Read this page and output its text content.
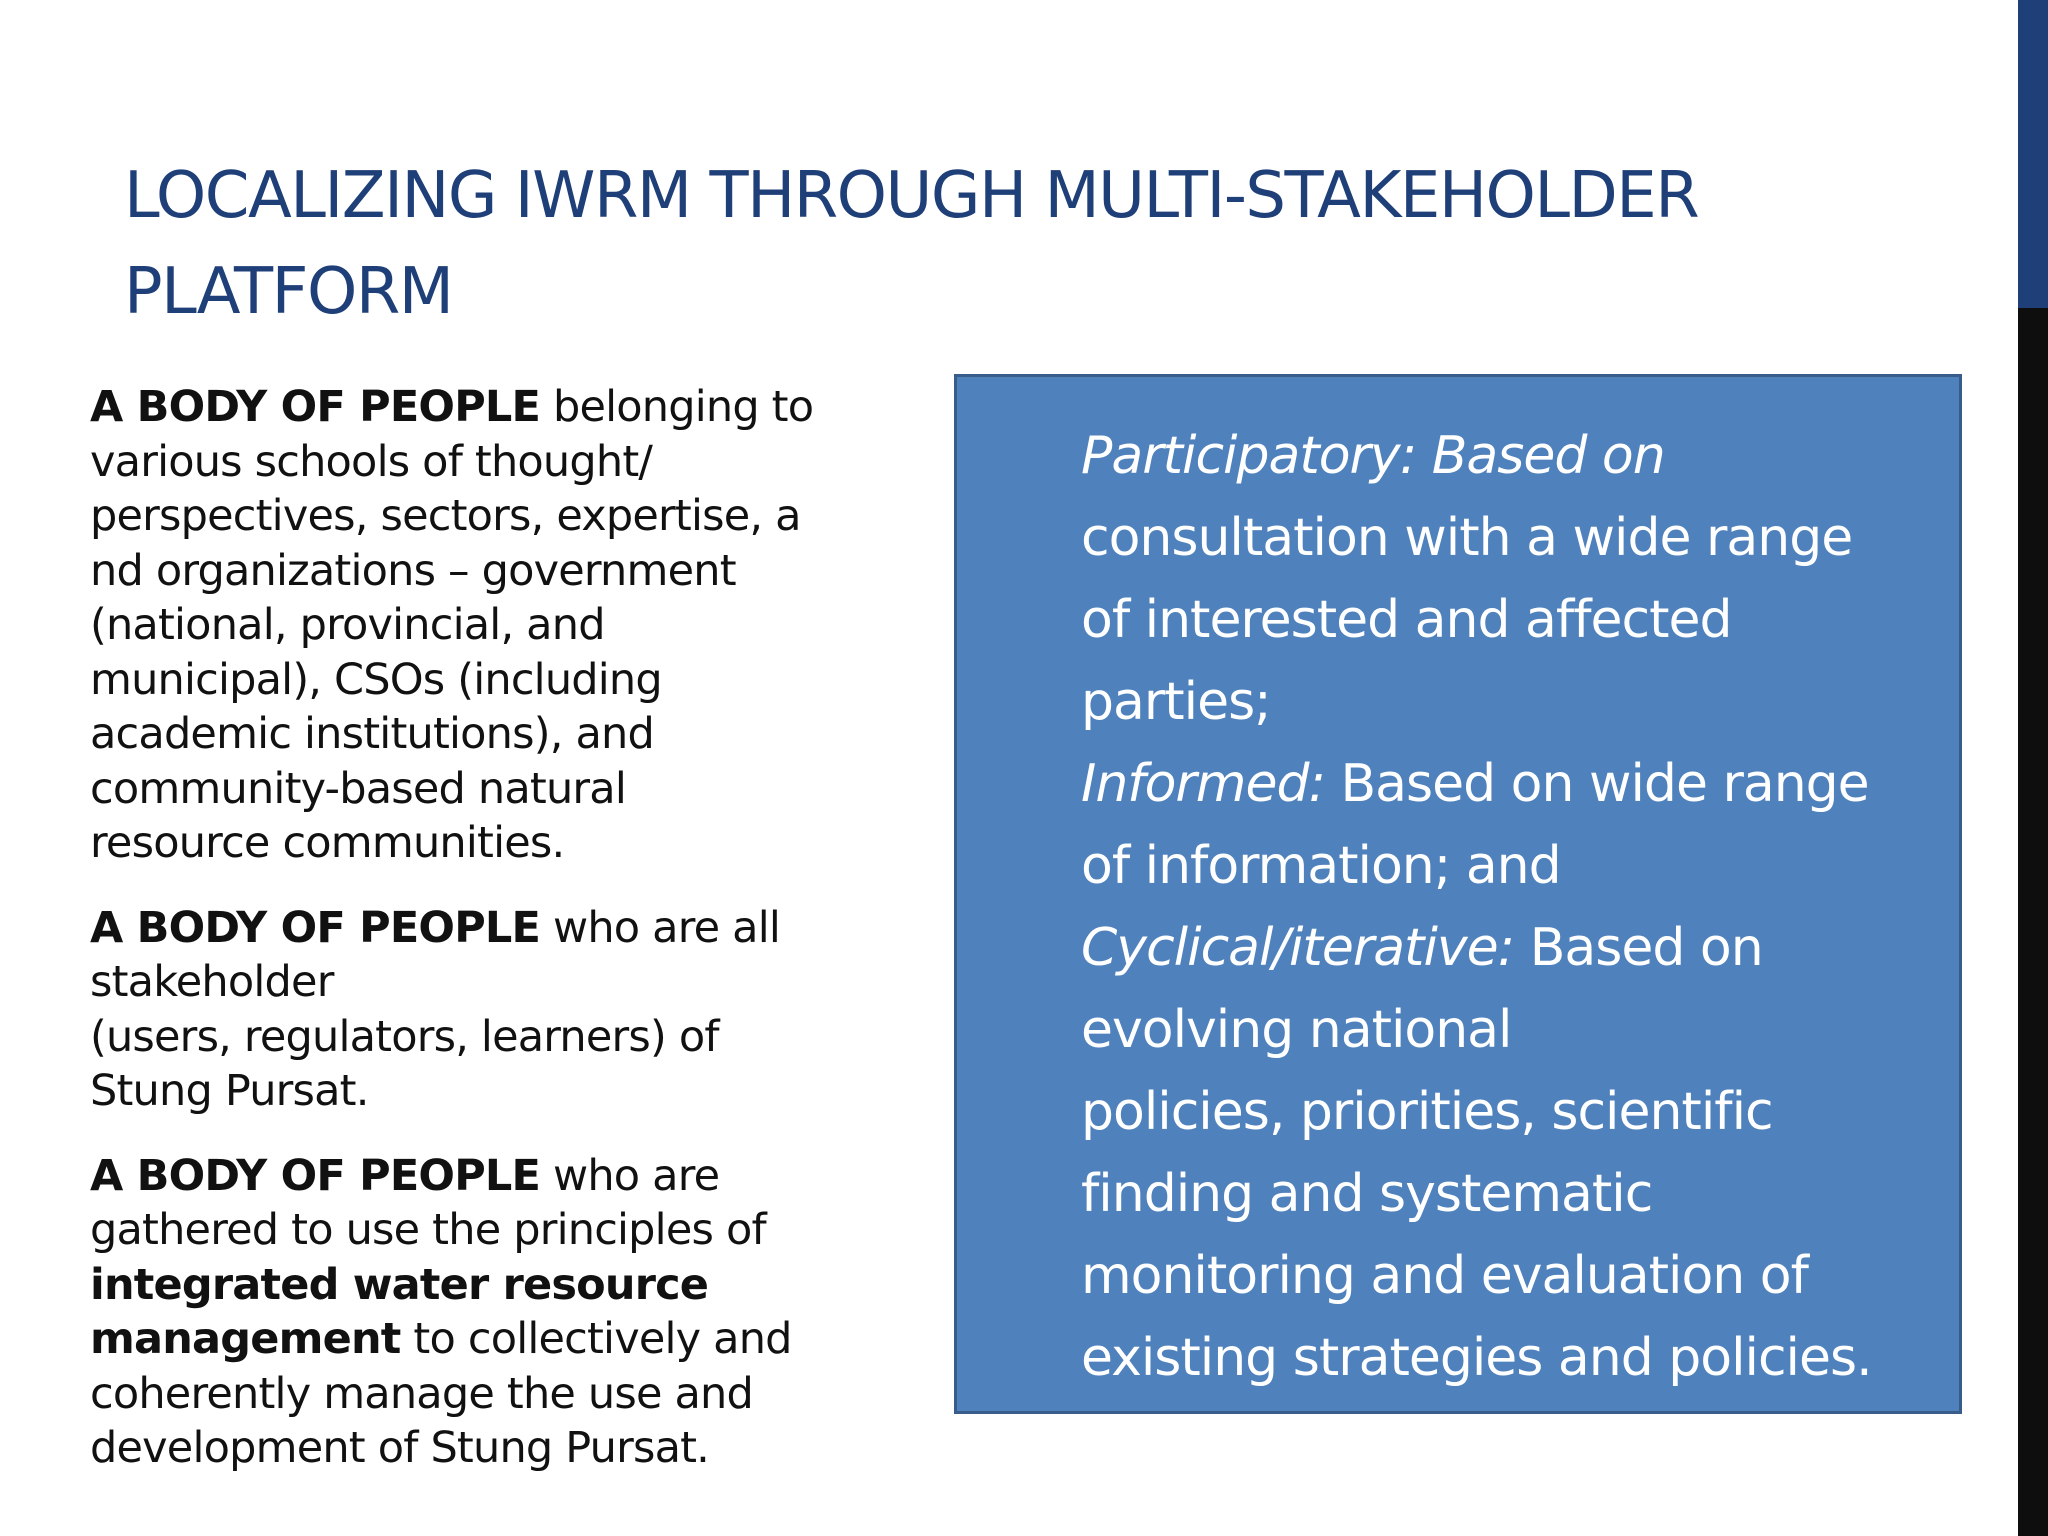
LOCALIZING IWRM THROUGH MULTI-STAKEHOLDER
PLATFORM

A BODY OF PEOPLE belonging to
various schools of thought/
perspectives, sectors, expertise, a
nd organizations – government
(national, provincial, and
municipal), CSOs (including
academic institutions), and
community-based natural
resource communities.

A BODY OF PEOPLE who are all
stakeholder
(users, regulators, learners) of
Stung Pursat.

A BODY OF PEOPLE who are
gathered to use the principles of
integrated water resource
management to collectively and
coherently manage the use and
development of Stung Pursat.

Participatory: Based on
consultation with a wide range
of interested and affected
parties;
Informed: Based on wide range
of information; and
Cyclical/iterative: Based on
evolving national
policies, priorities, scientific
finding and systematic
monitoring and evaluation of
existing strategies and policies.
